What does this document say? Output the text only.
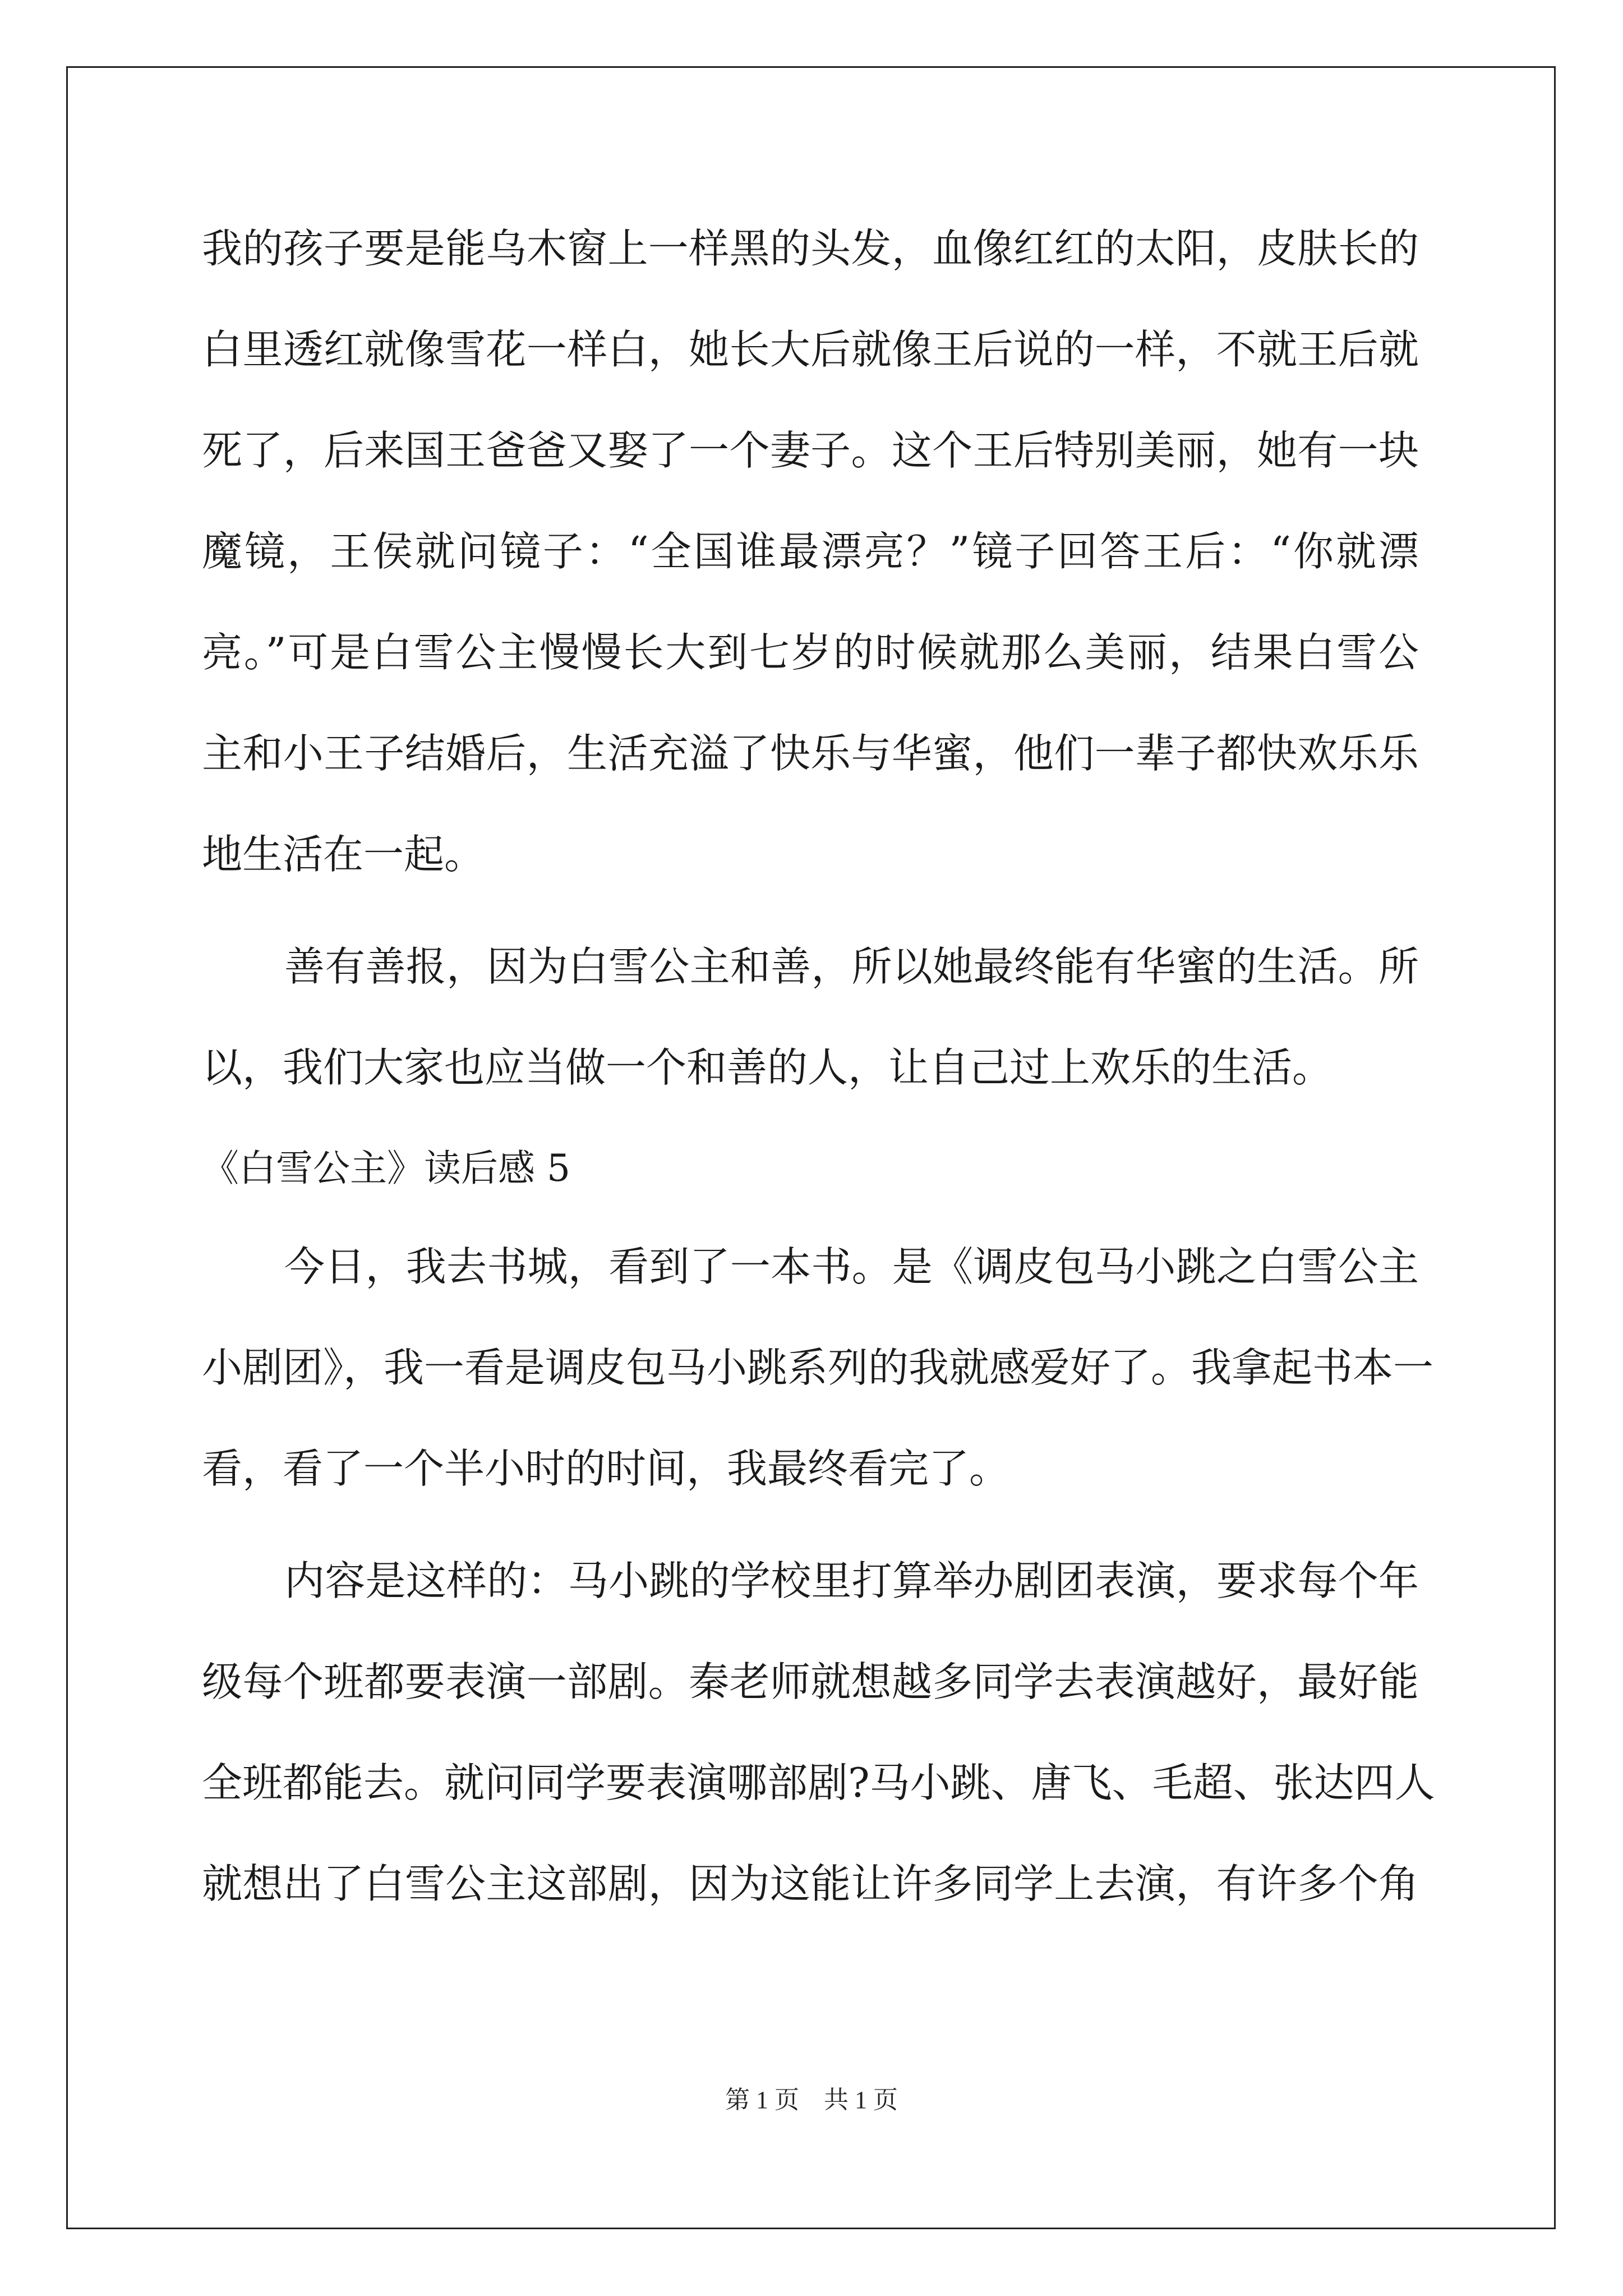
我的孩子要是能乌木窗上一样黑的头发，血像红红的太阳，皮肤长的
白里透红就像雪花一样白，她长大后就像王后说的一样，不就王后就
死了，后来国王爸爸又娶了一个妻子。这个王后特别美丽，她有一块
魔镜，王侯就问镜子：“全国谁最漂亮？”镜子回答王后：“你就漂
亮。”可是白雪公主慢慢长大到七岁的时候就那么美丽，结果白雪公
主和小王子结婚后，生活充溢了快乐与华蜜，他们一辈子都快欢乐乐
地生活在一起。
善有善报，因为白雪公主和善，所以她最终能有华蜜的生活。所
以，我们大家也应当做一个和善的人，让自己过上欢乐的生活。
《白雪公主》读后感 5
今日，我去书城，看到了一本书。是《调皮包马小跳之白雪公主
小剧团》，我一看是调皮包马小跳系列的我就感爱好了。我拿起书本一
看，看了一个半小时的时间，我最终看完了。
内容是这样的：马小跳的学校里打算举办剧团表演，要求每个年
级每个班都要表演一部剧。秦老师就想越多同学去表演越好，最好能
全班都能去。就问同学要表演哪部剧?马小跳、唐飞、毛超、张达四人
就想出了白雪公主这部剧，因为这能让许多同学上去演，有许多个角
第 1 页　共 1 页
